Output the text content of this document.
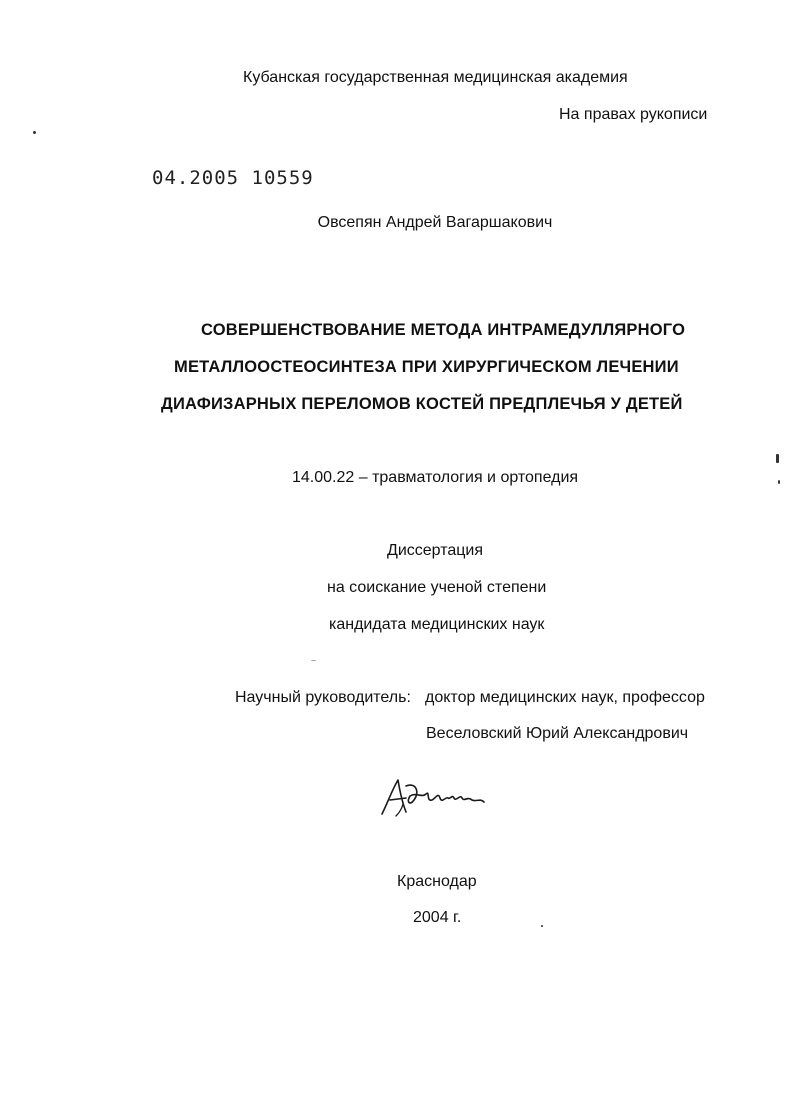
Кубанская государственная медицинская академия
На правах рукописи
04.2005 10559
Овсепян Андрей Вагаршакович
СОВЕРШЕНСТВОВАНИЕ МЕТОДА ИНТРАМЕДУЛЛЯРНОГО
МЕТАЛЛООСТЕОСИНТЕЗА ПРИ ХИРУРГИЧЕСКОМ ЛЕЧЕНИИ
ДИАФИЗАРНЫХ ПЕРЕЛОМОВ КОСТЕЙ ПРЕДПЛЕЧЬЯ У ДЕТЕЙ
14.00.22 – травматология и ортопедия
Диссертация
на соискание ученой степени
кандидата медицинских наук
Научный руководитель: доктор медицинских наук, профессор
Веселовский Юрий Александрович
Краснодар
2004 г.
